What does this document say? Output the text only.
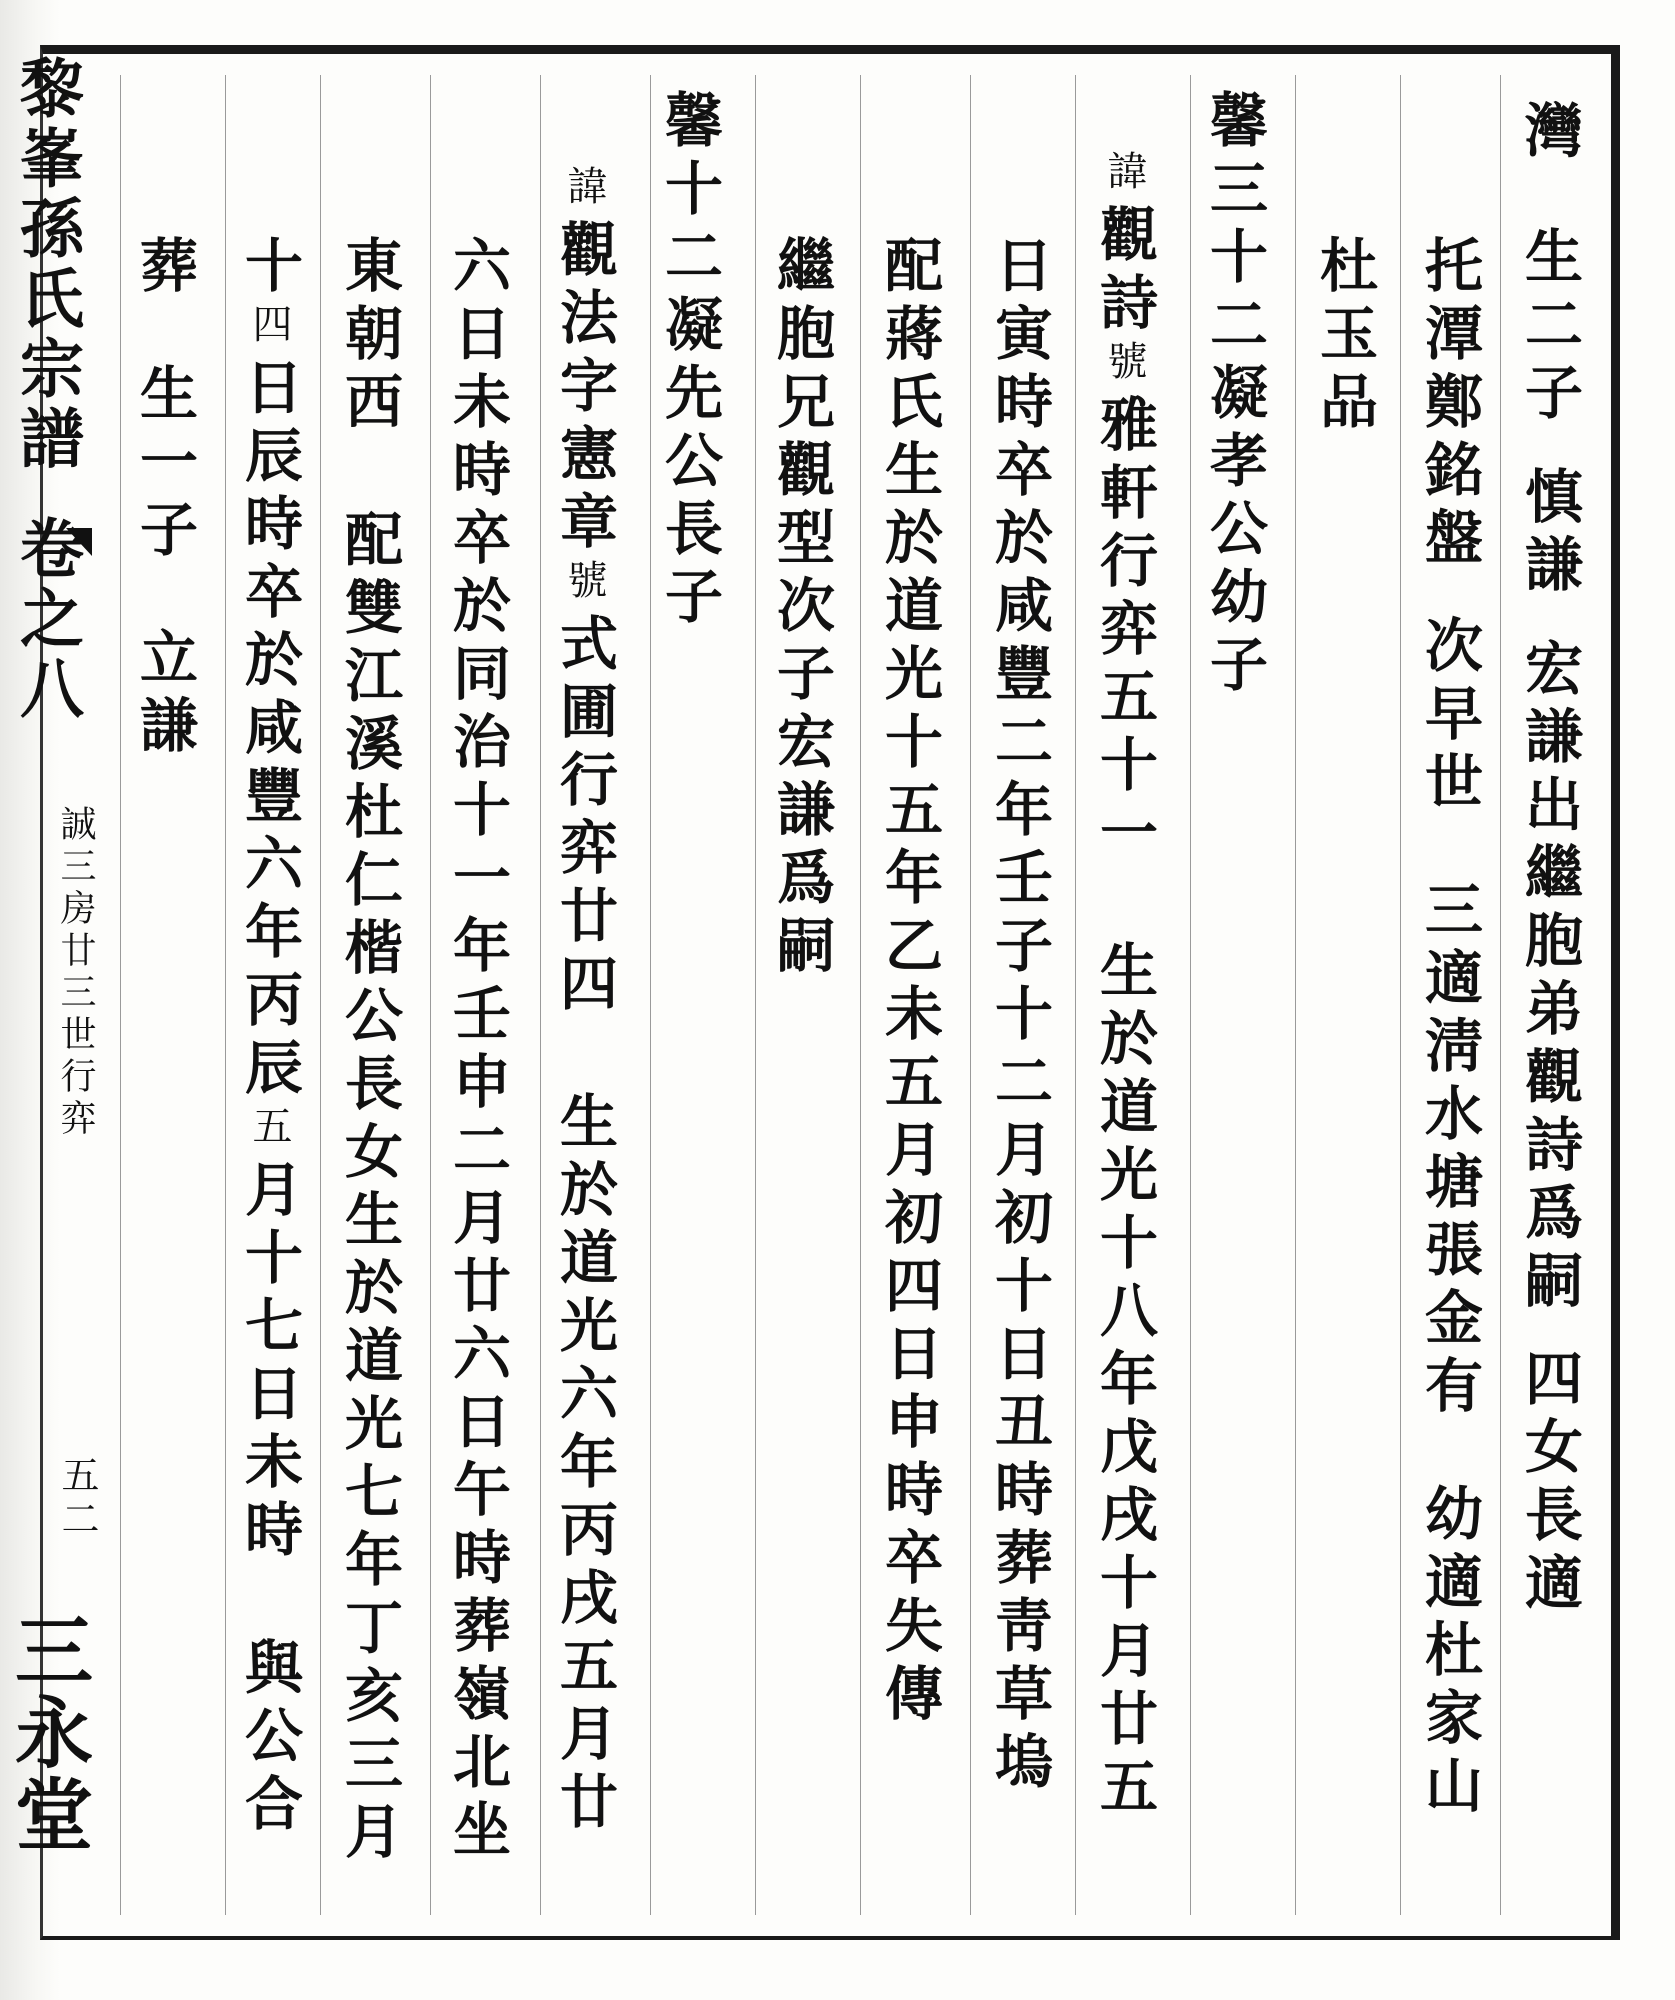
黎峯孫氏宗譜卷之八
誠三房廿三世行弈
五二
三永堂
灣生二子慎謙宏謙出繼胞弟觀詩爲嗣四女長適
托潭鄭銘盤次早世三適淸水塘張金有幼適杜家山
杜玉品
馨三十二凝孝公幼子
諱觀詩號雅軒行弈五十一生於道光十八年戊戌十月廿五
日寅時卒於咸豐二年壬子十二月初十日丑時葬靑草塢
配蔣氏生於道光十五年乙未五月初四日申時卒失傳
繼胞兄觀型次子宏謙爲嗣
馨十二凝先公長子
諱觀法字憲章號式圃行弈廿四生於道光六年丙戌五月廿
六日未時卒於同治十一年壬申二月廿六日午時葬嶺北坐
東朝西配雙江溪杜仁楷公長女生於道光七年丁亥三月
十四日辰時卒於咸豐六年丙辰五月十七日未時與公合
葬生一子立謙
